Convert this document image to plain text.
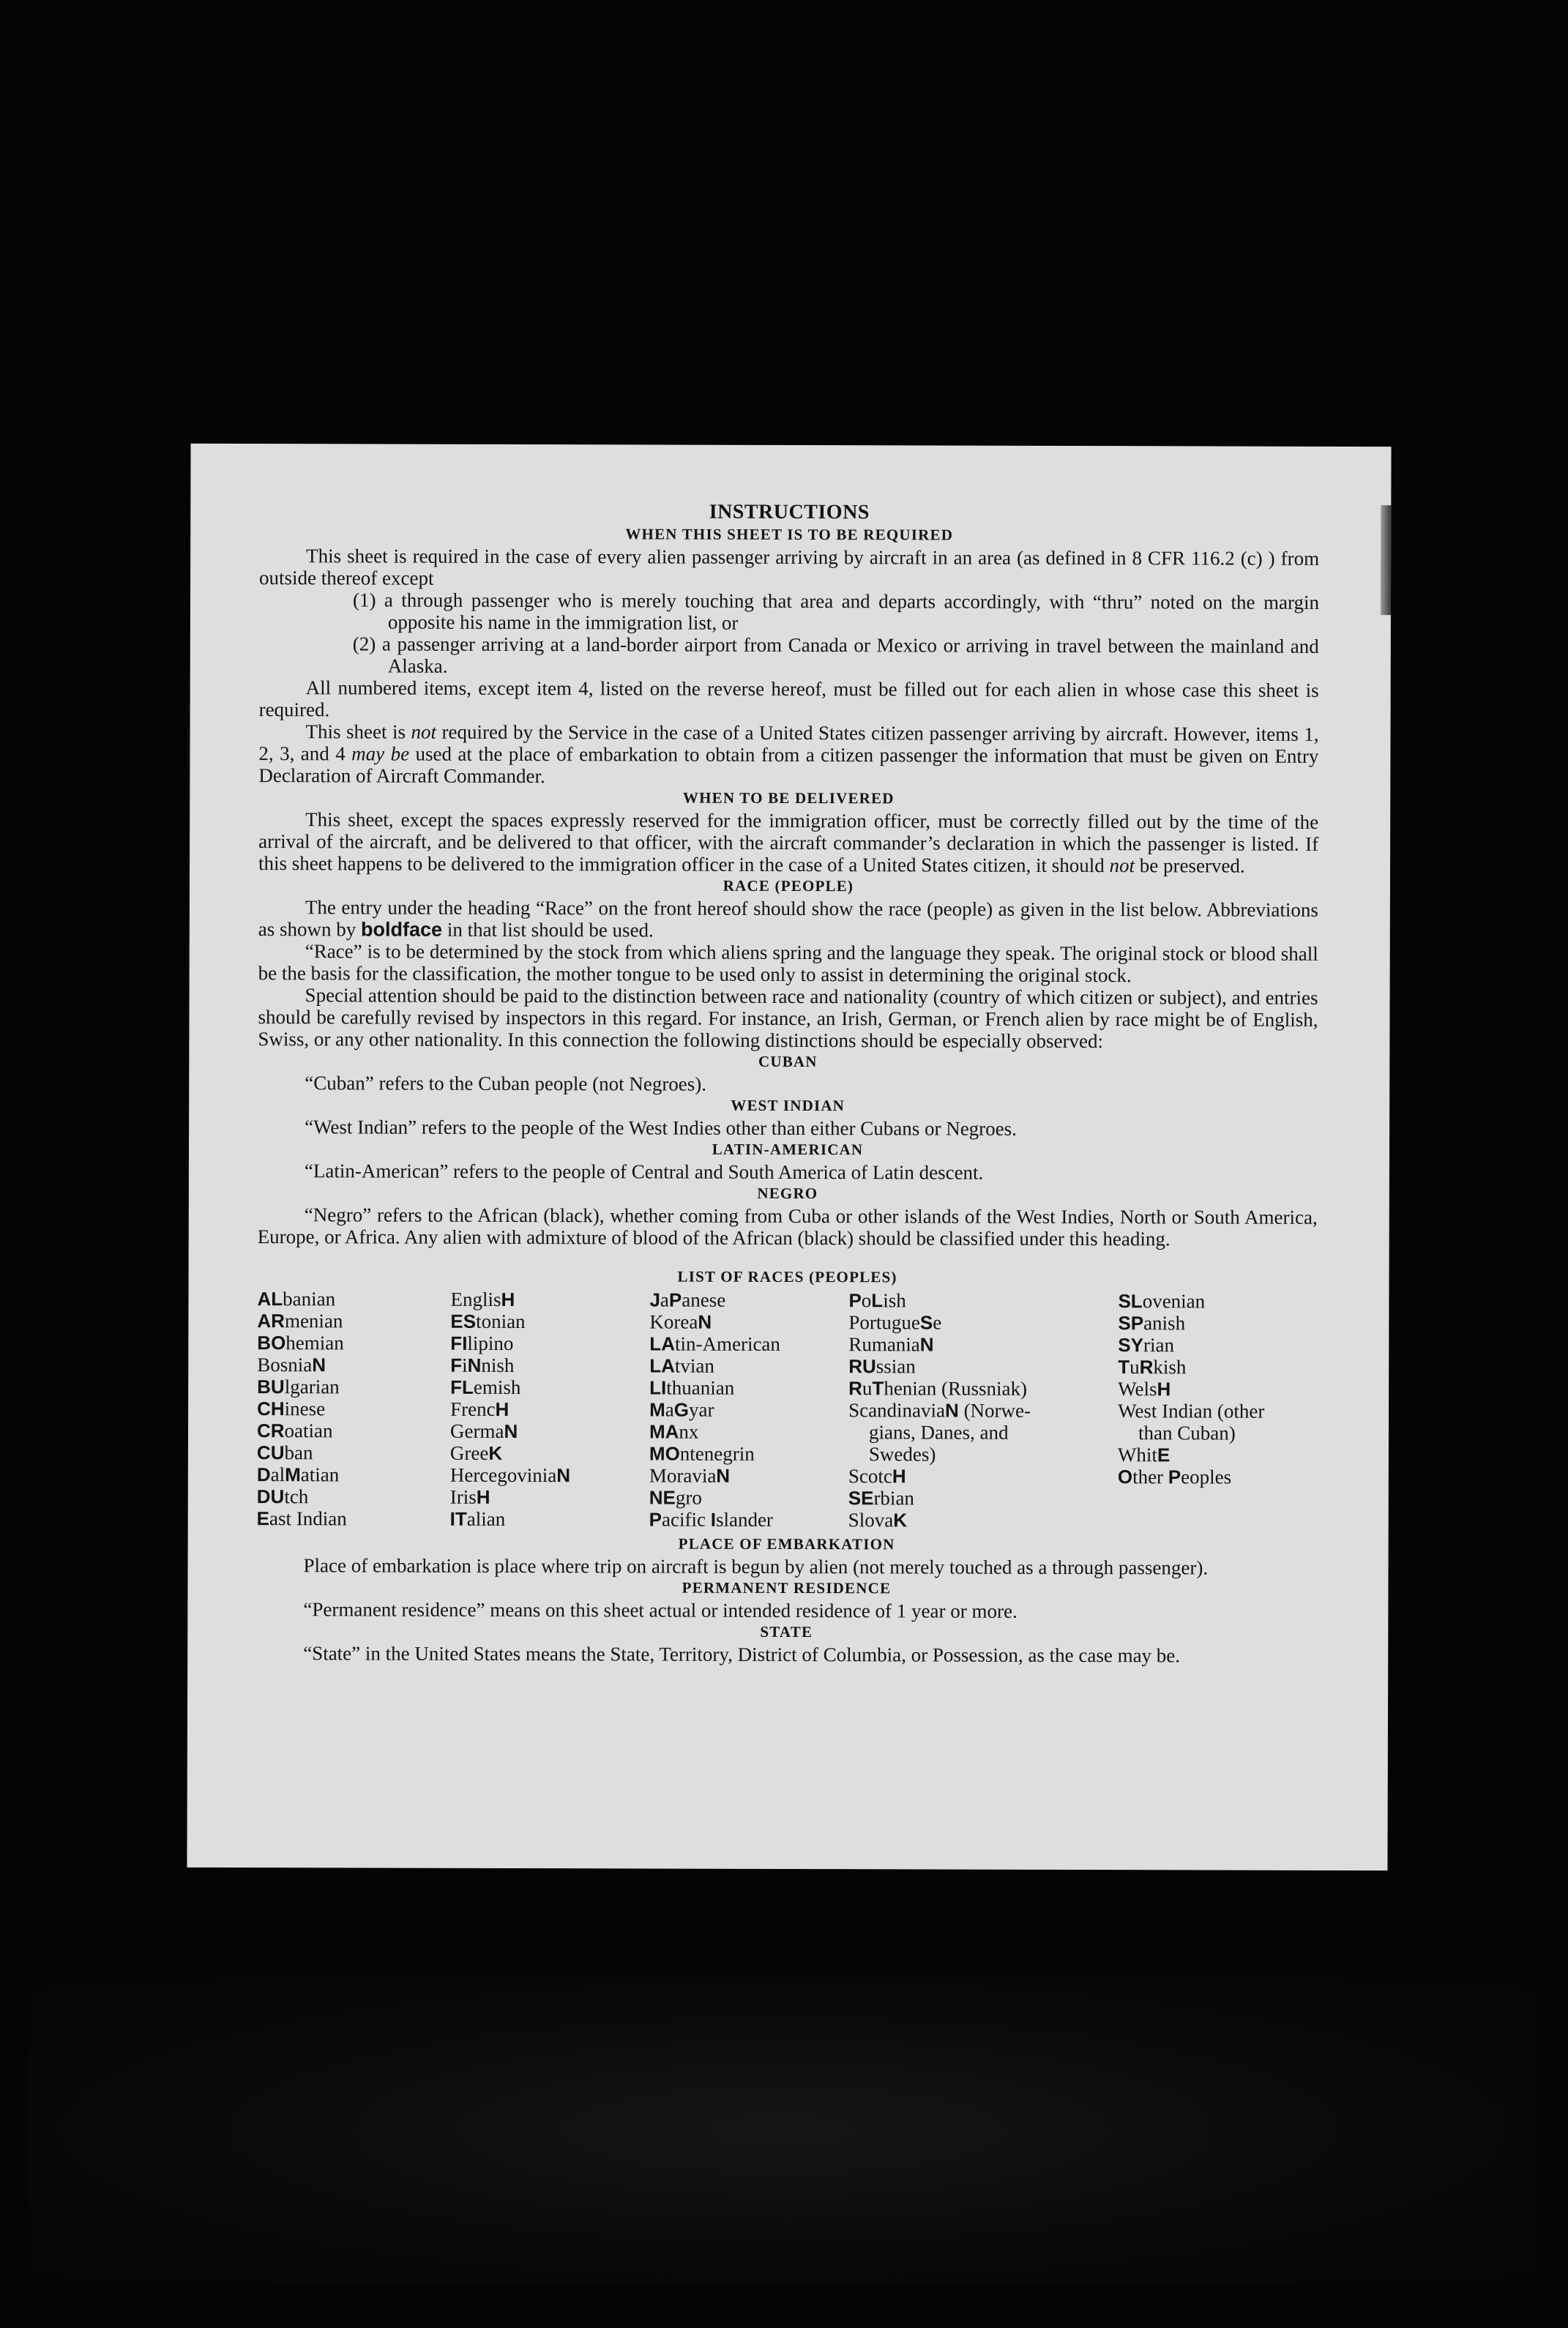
INSTRUCTIONS
WHEN THIS SHEET IS TO BE REQUIRED

This sheet is required in the case of every alien passenger arriving by aircraft in an area (as defined in 8 CFR 116.2 (c) ) from outside thereof except

(1) a through passenger who is merely touching that area and departs accordingly, with “thru” noted on the margin opposite his name in the immigration list, or
(2) a passenger arriving at a land-border airport from Canada or Mexico or arriving in travel between the mainland and Alaska.

All numbered items, except item 4, listed on the reverse hereof, must be filled out for each alien in whose case this sheet is required.

This sheet is not required by the Service in the case of a United States citizen passenger arriving by aircraft. However, items 1, 2, 3, and 4 may be used at the place of embarkation to obtain from a citizen passenger the information that must be given on Entry Declaration of Aircraft Commander.

WHEN TO BE DELIVERED

This sheet, except the spaces expressly reserved for the immigration officer, must be correctly filled out by the time of the arrival of the aircraft, and be delivered to that officer, with the aircraft commander’s declaration in which the passenger is listed. If this sheet happens to be delivered to the immigration officer in the case of a United States citizen, it should not be preserved.

RACE (PEOPLE)

The entry under the heading “Race” on the front hereof should show the race (people) as given in the list below. Abbreviations as shown by boldface in that list should be used.

“Race” is to be determined by the stock from which aliens spring and the language they speak. The original stock or blood shall be the basis for the classification, the mother tongue to be used only to assist in determining the original stock.

Special attention should be paid to the distinction between race and nationality (country of which citizen or subject), and entries should be carefully revised by inspectors in this regard. For instance, an Irish, German, or French alien by race might be of English, Swiss, or any other nationality. In this connection the following distinctions should be especially observed:

CUBAN

“Cuban” refers to the Cuban people (not Negroes).

WEST INDIAN

“West Indian” refers to the people of the West Indies other than either Cubans or Negroes.

LATIN-AMERICAN

“Latin-American” refers to the people of Central and South America of Latin descent.

NEGRO

“Negro” refers to the African (black), whether coming from Cuba or other islands of the West Indies, North or South America, Europe, or Africa. Any alien with admixture of blood of the African (black) should be classified under this heading.

LIST OF RACES (PEOPLES)
ALbanian
ARmenian
BOhemian
BosniaN
BUlgarian
CHinese
CRoatian
CUban
DalMatian
DUtch
East Indian
EnglisH
EStonian
FIlipino
FiNnish
FLemish
FrencH
GermaN
GreeK
HercegoviniaN
IrisH
ITalian
JaPanese
KoreaN
LAtin-American
LAtvian
LIthuanian
MaGyar
MAnx
MOntenegrin
MoraviaN
NEgro
Pacific Islander
PoLish
PortugueSe
RumaniaN
RUssian
RuThenian (Russniak)
ScandinaviaN (Norwe-
gians, Danes, and
Swedes)
ScotcH
SErbian
SlovaK
SLovenian
SPanish
SYrian
TuRkish
WelsH
West Indian (other
than Cuban)
WhitE
Other Peoples
PLACE OF EMBARKATION

Place of embarkation is place where trip on aircraft is begun by alien (not merely touched as a through passenger).

PERMANENT RESIDENCE

“Permanent residence” means on this sheet actual or intended residence of 1 year or more.

STATE

“State” in the United States means the State, Territory, District of Columbia, or Possession, as the case may be.
